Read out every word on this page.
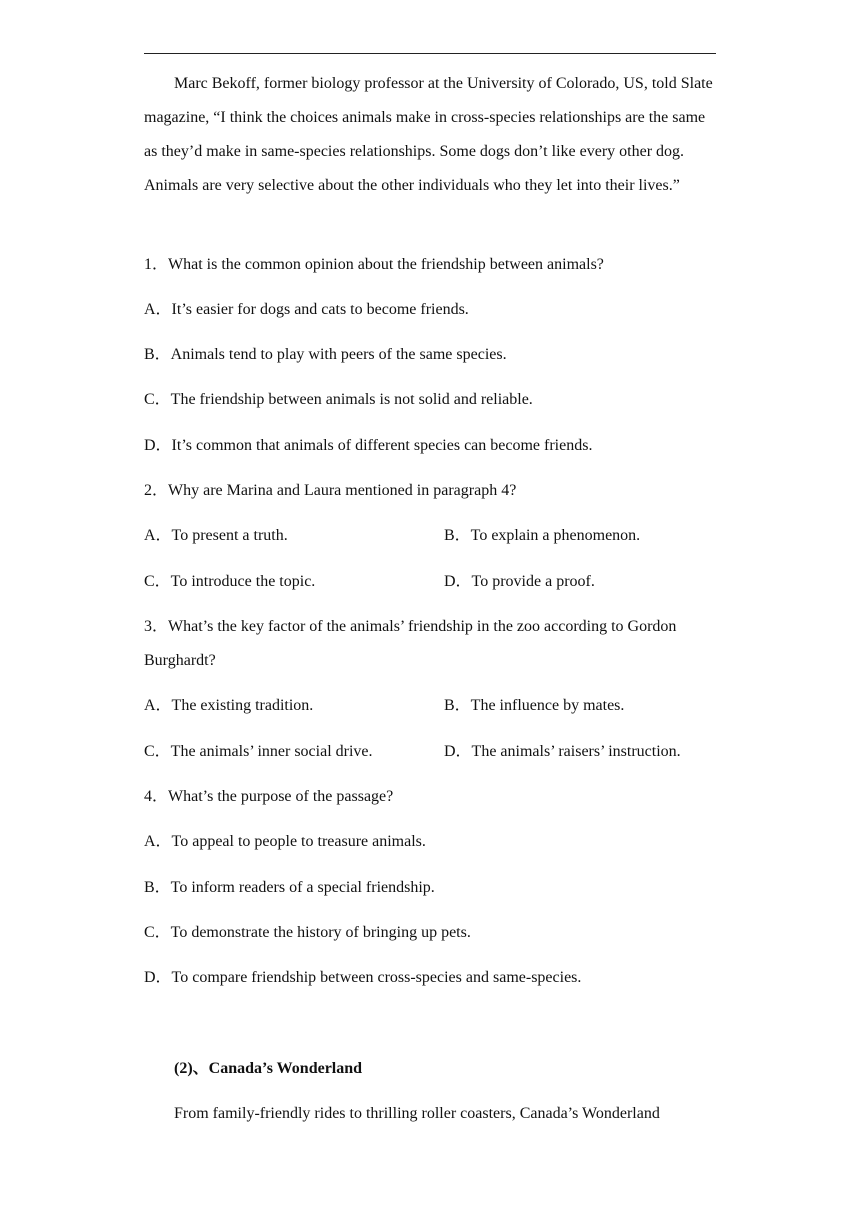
Marc Bekoff, former biology professor at the University of Colorado, US, told Slate magazine, “I think the choices animals make in cross-species relationships are the same as they’d make in same-species relationships. Some dogs don’t like every other dog. Animals are very selective about the other individuals who they let into their lives.”

1．What is the common opinion about the friendship between animals?

A．It’s easier for dogs and cats to become friends.

B．Animals tend to play with peers of the same species.

C．The friendship between animals is not solid and reliable.

D．It’s common that animals of different species can become friends.

2．Why are Marina and Laura mentioned in paragraph 4?

A．To present a truth.	B．To explain a phenomenon.

C．To introduce the topic.	D．To provide a proof.

3．What’s the key factor of the animals’ friendship in the zoo according to Gordon Burghardt?

A．The existing tradition.	B．The influence by mates.

C．The animals’ inner social drive.	D．The animals’ raisers’ instruction.

4．What’s the purpose of the passage?

A．To appeal to people to treasure animals.

B．To inform readers of a special friendship.

C．To demonstrate the history of bringing up pets.

D．To compare friendship between cross-species and same-species.

(2)、Canada’s Wonderland

From family-friendly rides to thrilling roller coasters, Canada’s Wonderland
